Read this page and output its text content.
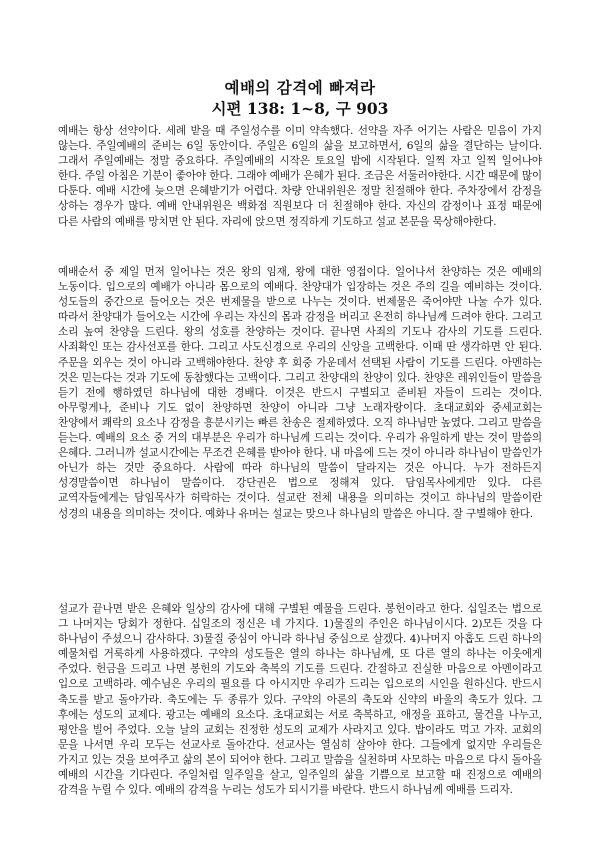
예배의 감격에 빠져라
시편 138: 1~8, 구 903
예배는 항상 선약이다. 세례 받을 때 주일성수를 이미 약속했다. 선약을 자주 어기는 사람은 믿음이 가지 않는다. 주일예배의 준비는 6일 동안이다. 주일은 6일의 삶을 보고하면서, 6일의 삶을 결단하는 날이다. 그래서 주일예배는 정말 중요하다. 주일예배의 시작은 토요일 밤에 시작된다. 일찍 자고 일찍 일어나야 한다. 주일 아침은 기분이 좋아야 한다. 그래야 예배가 은혜가 된다. 조금은 서둘러야한다. 시간 때문에 많이 다툰다. 예배 시간에 늦으면 은혜받기가 어렵다. 차량 안내위원은 정말 친절해야 한다. 주차장에서 감정을 상하는 경우가 많다. 예배 안내위원은 백화점 직원보다 더 친절해야 한다. 자신의 감정이나 표정 때문에 다른 사람의 예배를 망치면 안 된다. 자리에 앉으면 정직하게 기도하고 설교 본문을 묵상해야한다.
예배순서 중 제일 먼저 일어나는 것은 왕의 임재, 왕에 대한 영접이다. 일어나서 찬양하는 것은 예배의 노동이다. 입으로의 예배가 아니라 몸으로의 예배다. 찬양대가 입장하는 것은 주의 길을 예비하는 것이다. 성도들의 중간으로 들어오는 것은 번제물을 받으로 나누는 것이다. 번제물은 죽어야만 나눌 수가 있다. 따라서 찬양대가 들어오는 시간에 우리는 자신의 몸과 감정을 버리고 온전히 하나님께 드려야 한다. 그리고 소리 높여 찬양을 드린다. 왕의 성호를 찬양하는 것이다. 끝나면 사죄의 기도나 감사의 기도를 드린다. 사죄확인 또는 감사선포를 한다. 그리고 사도신경으로 우리의 신앙을 고백한다. 이때 딴 생각하면 안 된다. 주문을 외우는 것이 아니라 고백해야한다. 찬양 후 회중 가운데서 선택된 사람이 기도를 드린다. 아멘하는 것은 믿는다는 것과 기도에 동참했다는 고백이다. 그리고 찬양대의 찬양이 있다. 찬양은 레위인들이 말씀을 듣기 전에 행하였던 하나님에 대한 경배다. 이것은 반드시 구별되고 준비된 자들이 드리는 것이다. 아무렇게나, 준비나 기도 없이 찬양하면 찬양이 아니라 그냥 노래자랑이다. 초대교회와 중세교회는 찬양에서 쾌락의 요소나 감정을 흥분시키는 빠른 찬송은 절제하였다. 오직 하나님만 높였다. 그리고 말씀을 듣는다. 예배의 요소 중 거의 대부분은 우리가 하나님께 드리는 것이다. 우리가 유일하게 받는 것이 말씀의 은혜다. 그러니까 설교시간에는 무조건 은혜를 받아야 한다. 내 마음에 드는 것이 아니라 하나님이 말씀인가 아닌가 하는 것만 중요하다. 사람에 따라 하나님의 말씀이 달라지는 것은 아니다. 누가 전하든지 성경말씀이면 하나님이 말씀이다. 강단권은 법으로 정해져 있다. 담임목사에게만 있다. 다른 교역자들에게는 담임목사가 허락하는 것이다. 설교란 전체 내용을 의미하는 것이고 하나님의 말씀이란 성경의 내용을 의미하는 것이다. 예화나 유머는 설교는 맞으나 하나님의 말씀은 아니다. 잘 구별해야 한다.
설교가 끝나면 받은 은혜와 일상의 감사에 대해 구별된 예물을 드린다. 봉헌이라고 한다. 십일조는 법으로 그 나머지는 당회가 정한다. 십일조의 정신은 네 가지다. 1)물질의 주인은 하나님이시다. 2)모든 것을 다 하나님이 주셨으니 감사하다. 3)물질 중심이 아니라 하나님 중심으로 살겠다. 4)나머지 아홉도 드린 하나의 예물처럼 거룩하게 사용하겠다. 구약의 성도들은 열의 하나는 하나님께, 또 다른 열의 하나는 이웃에게 주었다. 헌금을 드리고 나면 봉헌의 기도와 축복의 기도를 드린다. 간절하고 진실한 마음으로 아멘이라고 입으로 고백하라. 예수님은 우리의 필요를 다 아시지만 우리가 드리는 입으로의 시인을 원하신다. 반드시 축도를 받고 돌아가라. 축도에는 두 종류가 있다. 구약의 아론의 축도와 신약의 바울의 축도가 있다. 그 후에는 성도의 교제다. 광고는 예배의 요소다. 초대교회는 서로 축복하고, 애정을 표하고, 물건을 나누고, 평안을 빌어 주었다. 오늘 날의 교회는 진정한 성도의 교제가 사라지고 있다. 밥이라도 먹고 가자. 교회의 문을 나서면 우리 모두는 선교사로 돌아간다. 선교사는 열심히 살아야 한다. 그들에게 없지만 우리들은 가지고 있는 것을 보여주고 삶의 본이 되어야 한다. 그리고 말씀을 실천하며 사모하는 마음으로 다시 돌아올 예배의 시간을 기다린다. 주일처럼 일주일을 살고, 일주일의 삶을 기쁨으로 보고할 때 진정으로 예배의 감격을 누릴 수 있다. 예배의 감격을 누리는 성도가 되시기를 바란다. 반드시 하나님께 예배를 드리자.
